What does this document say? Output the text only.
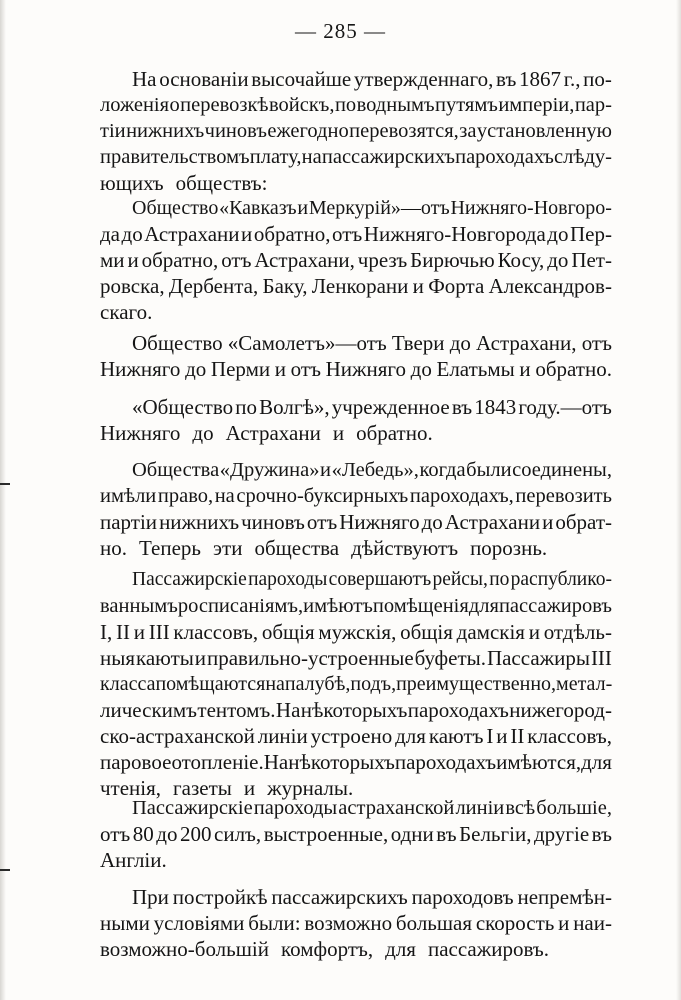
— 285 —
На основаніи высочайше утвержденнаго, въ 1867 г., по-
ложенія о перевозкѣ войскъ, по воднымъ путямъ имперіи, пар-
тіи нижнихъ чиновъ ежегодно перевозятся, за установленную
правительствомъ плату, на пассажирскихъ пароходахъ слѣду-
ющихъ обществъ:
Общество «Кавказъ и Меркурій»—отъ Нижняго-Новгоро-
да до Астрахани и обратно, отъ Нижняго-Новгорода до Пер-
ми и обратно, отъ Астрахани, чрезъ Бирючью Косу, до Пет-
ровска, Дербента, Баку, Ленкорани и Форта Александров-
скаго.
Общество «Самолетъ»—отъ Твери до Астрахани, отъ
Нижняго до Перми и отъ Нижняго до Елатьмы и обратно.
«Общество по Волгѣ», учрежденное въ 1843 году.—отъ
Нижняго до Астрахани и обратно.
Общества «Дружина» и «Лебедь», когда были соединены,
имѣли право, на срочно-буксирныхъ пароходахъ, перевозить
партіи нижнихъ чиновъ отъ Нижняго до Астрахани и обрат-
но. Теперь эти общества дѣйствуютъ порознь.
Пассажирскіе пароходы совершаютъ рейсы, по распублико-
ваннымъ росписаніямъ, имѣютъ помѣщенія для пассажировъ
I, II и III классовъ, общія мужскія, общія дамскія и отдѣль-
ныя каюты и правильно-устроенные буфеты. Пассажиры III
класса помѣщаются на палубѣ, подъ, преимущественно, метал-
лическимъ тентомъ. На нѣкоторыхъ пароходахъ нижегород-
ско-астраханской линіи устроено для каютъ I и II классовъ,
паровое отопленіе. На нѣкоторыхъ пароходахъ имѣются, для
чтенія, газеты и журналы.
Пассажирскіе пароходы астраханской линіи всѣ большіе,
отъ 80 до 200 силъ, выстроенные, одни въ Бельгіи, другіе въ
Англіи.
При постройкѣ пассажирскихъ пароходовъ непремѣн-
ными условіями были: возможно большая скорость и наи-
возможно-большій комфортъ, для пассажировъ.
